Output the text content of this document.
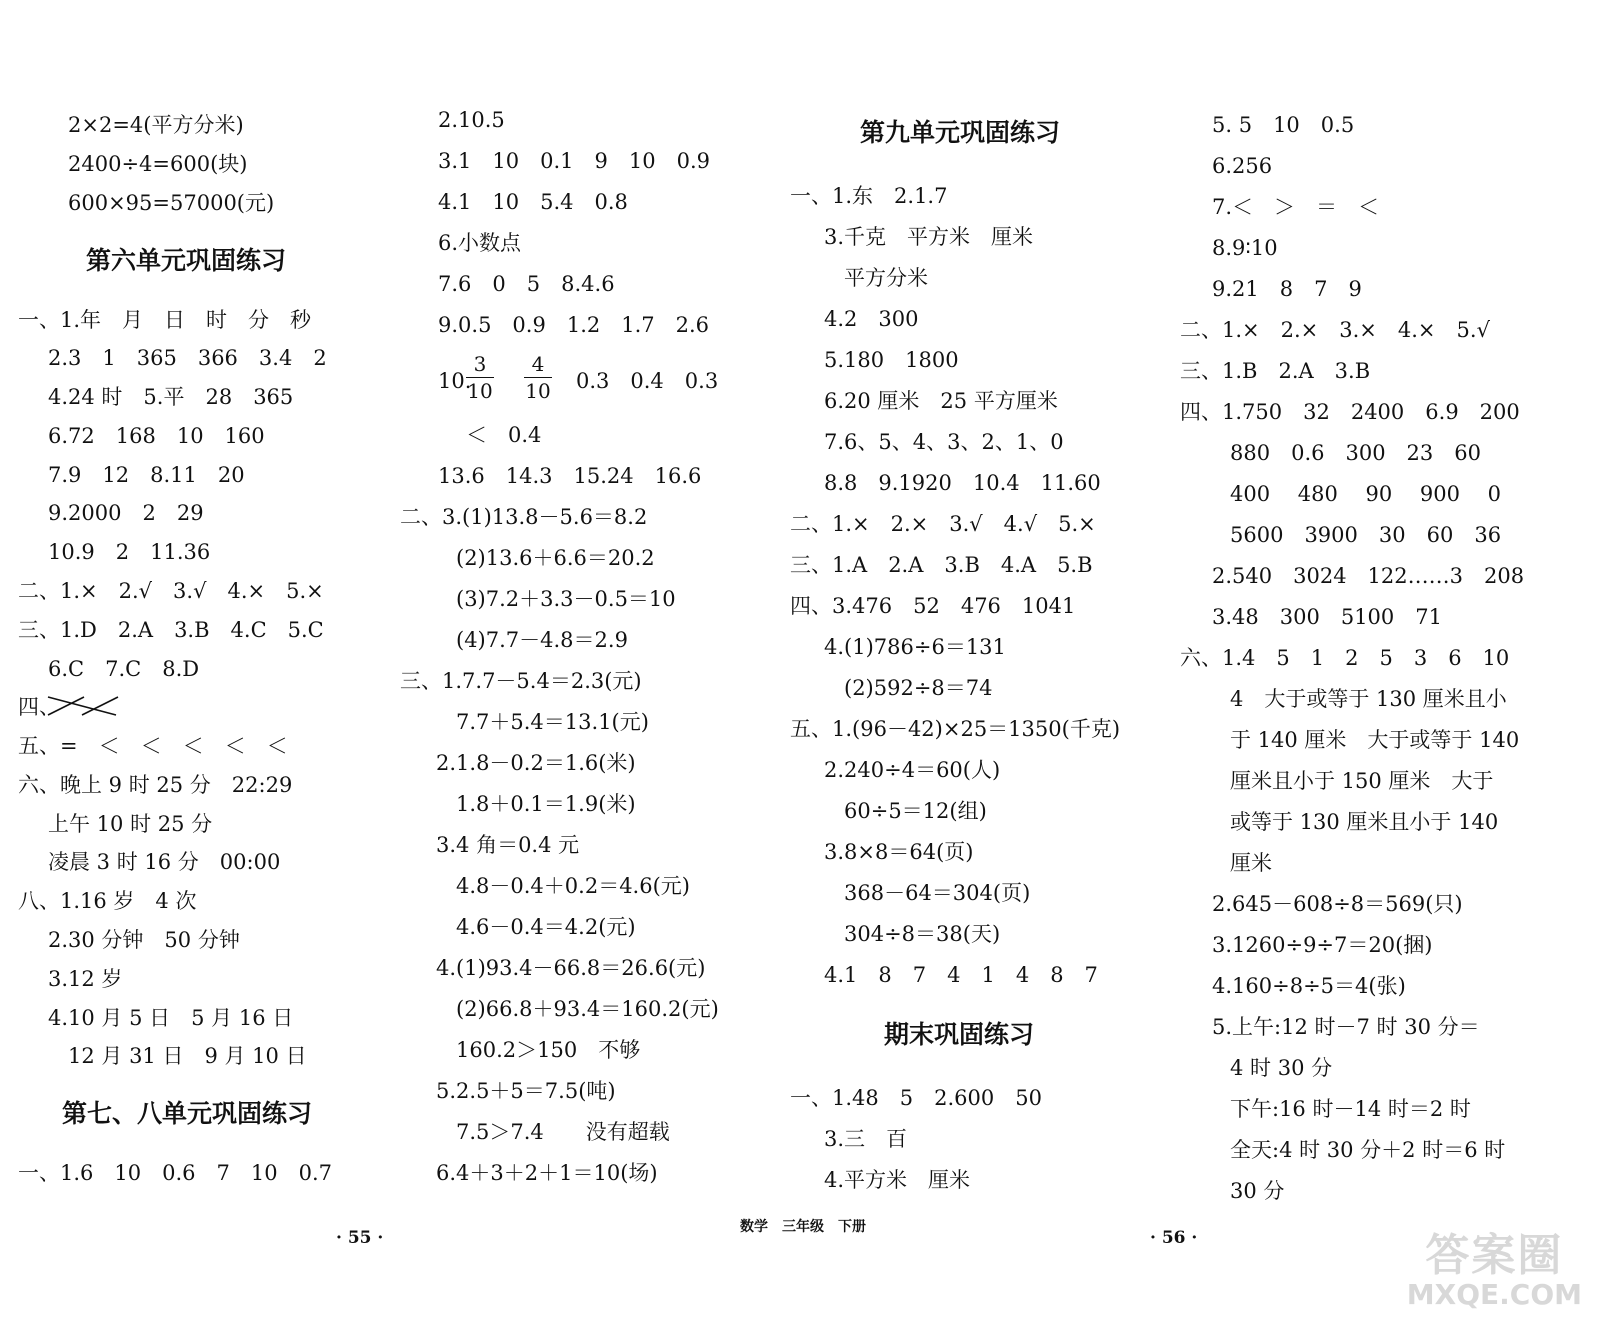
2×2=4(平方分米)
2400÷4=600(块)
600×95=57000(元)
第六单元巩固练习
一、1.年　月　日　时　分　秒
2.3　1　365　366　3.4　2
4.24 时　5.平　28　365
6.72　168　10　160
7.9　12　8.11　20
9.2000　2　29
10.9　2　11.36
二、1.×　2.√　3.√　4.×　5.×
三、1.D　2.A　3.B　4.C　5.C
6.C　7.C　8.D
四、
五、=　＜　＜　＜　＜　＜
六、晚上 9 时 25 分　22:29
上午 10 时 25 分
凌晨 3 时 16 分　00:00
八、1.16 岁　4 次
2.30 分钟　50 分钟
3.12 岁
4.10 月 5 日　5 月 16 日
12 月 31 日　9 月 10 日
第七、八单元巩固练习
一、1.6　10　0.6　7　10　0.7
2.10.5
3.1　10　0.1　9　10　0.9
4.1　10　5.4　0.8
6.小数点
7.6　0　5　8.4.6
9.0.5　0.9　1.2　1.7　2.6
10.
3
10
4
10 0.3　0.4　0.3
＜　0.4
13.6　14.3　15.24　16.6
二、3.(1)13.8－5.6＝8.2
(2)13.6＋6.6＝20.2
(3)7.2＋3.3－0.5＝10
(4)7.7－4.8＝2.9
三、1.7.7－5.4＝2.3(元)
7.7＋5.4＝13.1(元)
2.1.8－0.2＝1.6(米)
1.8＋0.1＝1.9(米)
3.4 角＝0.4 元
4.8－0.4＋0.2＝4.6(元)
4.6－0.4＝4.2(元)
4.(1)93.4－66.8＝26.6(元)
(2)66.8＋93.4＝160.2(元)
160.2＞150　不够
5.2.5＋5＝7.5(吨)
7.5＞7.4　　没有超载
6.4＋3＋2＋1＝10(场)
第九单元巩固练习
一、1.东　2.1.7
3.千克　平方米　厘米
平方分米
4.2　300
5.180　1800
6.20 厘米　25 平方厘米
7.6、5、4、3、2、1、0
8.8　9.1920　10.4　11.60
二、1.×　2.×　3.√　4.√　5.×
三、1.A　2.A　3.B　4.A　5.B
四、3.476　52　476　1041
4.(1)786÷6＝131
(2)592÷8＝74
五、1.(96－42)×25＝1350(千克)
2.240÷4＝60(人)
60÷5＝12(组)
3.8×8＝64(页)
368－64＝304(页)
304÷8＝38(天)
4.1　8　7　4　1　4　8　7
期末巩固练习
一、1.48　5　2.600　50
3.三　百
4.平方米　厘米
5. 5　10　0.5
6.256
7.＜　＞　＝　＜
8.9∶10
9.21　8　7　9
二、1.×　2.×　3.×　4.×　5.√
三、1.B　2.A　3.B
四、1.750　32　2400　6.9　200
880　0.6　300　23　60
400　 480　 90　 900　 0
5600　3900　30　60　36
2.540　3024　122……3　208
3.48　300　5100　71
六、1.4　5　1　2　5　3　6　10
4　大于或等于 130 厘米且小
于 140 厘米　大于或等于 140
厘米且小于 150 厘米　大于
或等于 130 厘米且小于 140
厘米
2.645－608÷8＝569(只)
3.1260÷9÷7＝20(捆)
4.160÷8÷5＝4(张)
5.上午:12 时－7 时 30 分＝
4 时 30 分
下午:16 时－14 时＝2 时
全天:4 时 30 分＋2 时＝6 时
30 分
· 55 ·
数学　三年级　下册
· 56 ·	答案圈
MXQE.COM
